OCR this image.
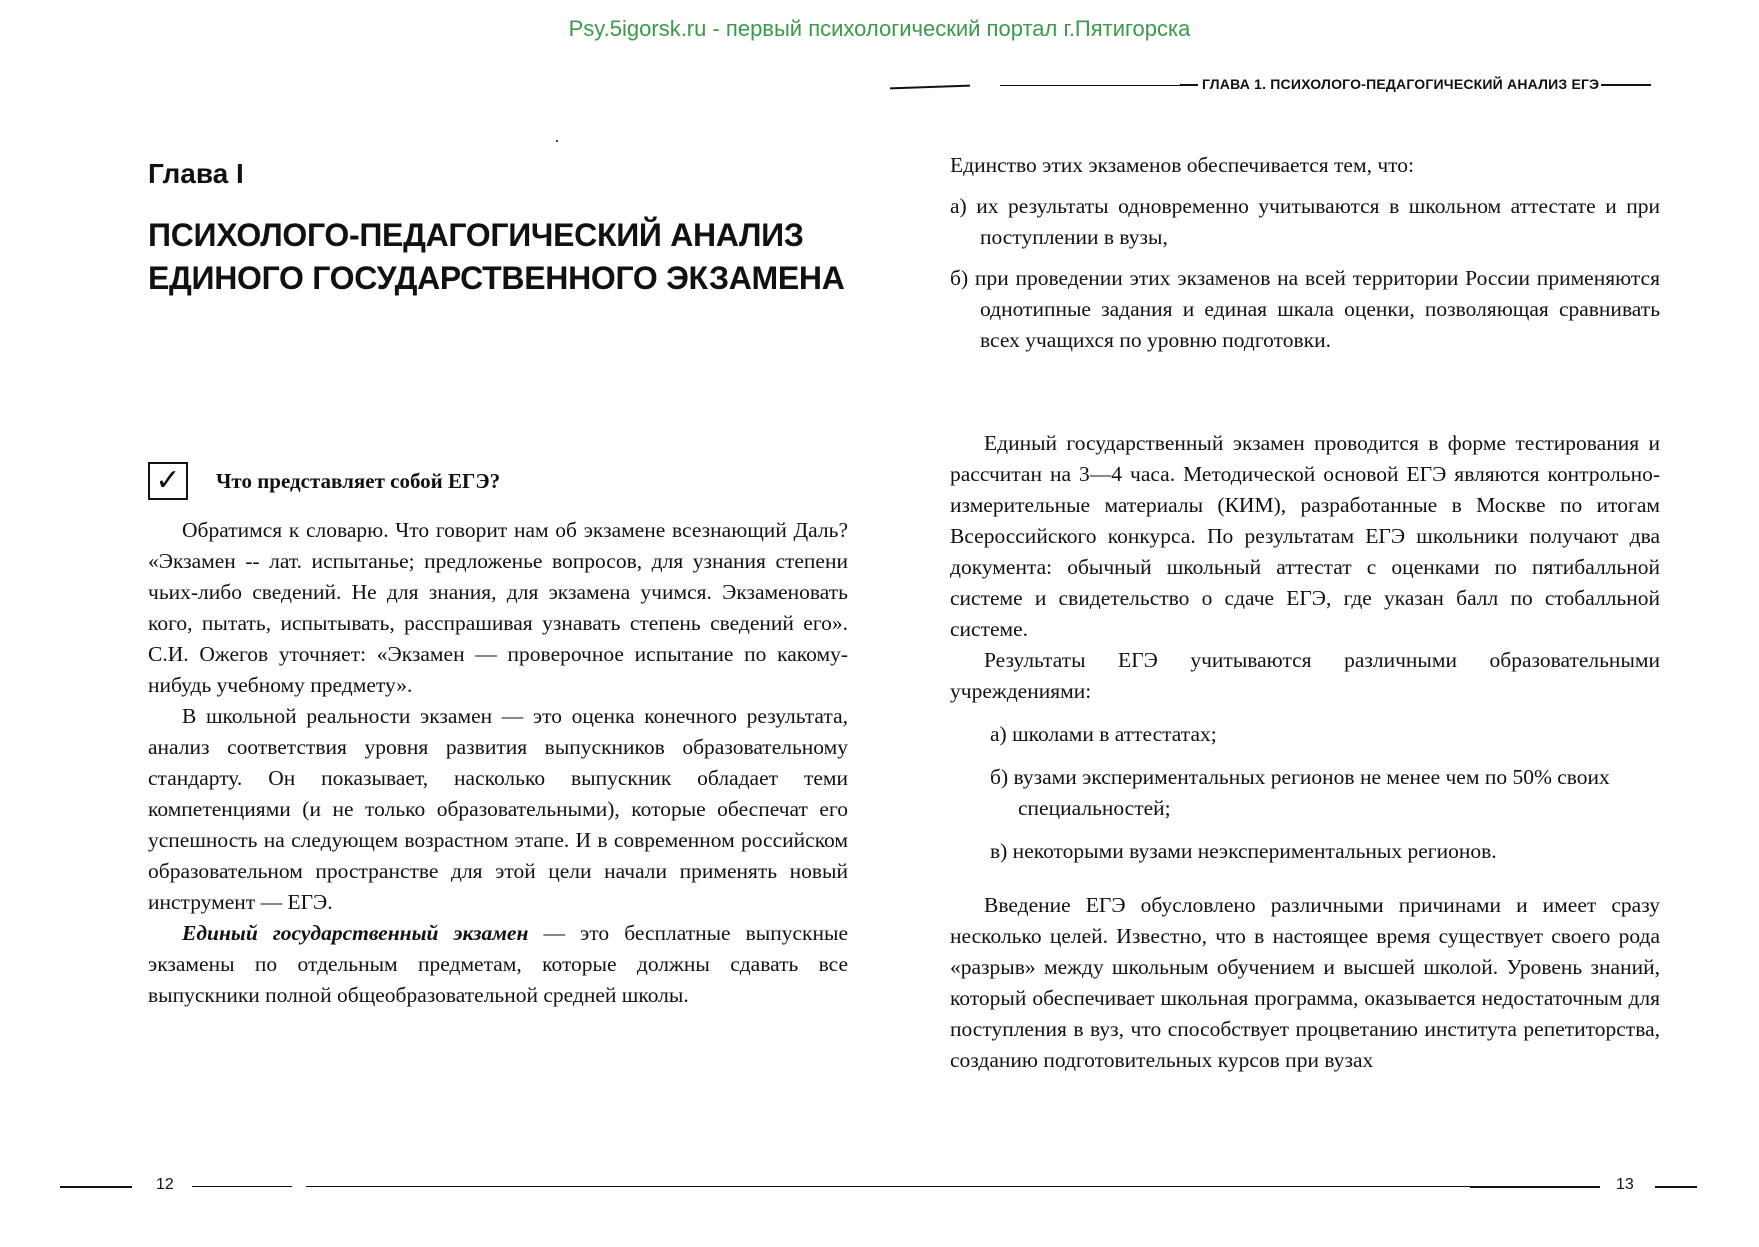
Psy.5igorsk.ru - первый психологический портал г.Пятигорска
ГЛАВА 1. ПСИХОЛОГО-ПЕДАГОГИЧЕСКИЙ АНАЛИЗ ЕГЭ
Глава I
ПСИХОЛОГО-ПЕДАГОГИЧЕСКИЙ АНАЛИЗ
ЕДИНОГО ГОСУДАРСТВЕННОГО ЭКЗАМЕНА
✓	Что представляет собой ЕГЭ?

Обратимся к словарю. Что говорит нам об экзамене всезнающий Даль? «Экзамен -- лат. испытанье; предложенье вопросов, для узнания степени чьих-либо сведений. Не для знания, для экзамена учимся. Экзаменовать кого, пытать, испытывать, расспрашивая узнавать степень сведений его». С.И. Ожегов уточняет: «Экзамен — проверочное испытание по какому-нибудь учебному предмету».

В школьной реальности экзамен — это оценка конечного результата, анализ соответствия уровня развития выпускников образовательному стандарту. Он показывает, насколько выпускник обладает теми компетенциями (и не только образовательными), которые обеспечат его успешность на следующем возрастном этапе. И в современном российском образовательном пространстве для этой цели начали применять новый инструмент — ЕГЭ.

Единый государственный экзамен — это бесплатные выпускные экзамены по отдельным предметам, которые должны сдавать все выпускники полной общеобразовательной средней школы.

Единство этих экзаменов обеспечивается тем, что:

а) их результаты одновременно учитываются в школьном аттестате и при поступлении в вузы,

б) при проведении этих экзаменов на всей территории России применяются однотипные задания и единая шкала оценки, позволяющая сравнивать всех учащихся по уровню подготовки.

Единый государственный экзамен проводится в форме тестирования и рассчитан на 3—4 часа. Методической основой ЕГЭ являются контрольно-измерительные материалы (КИМ), разработанные в Москве по итогам Всероссийского конкурса. По результатам ЕГЭ школьники получают два документа: обычный школьный аттестат с оценками по пятибалльной системе и свидетельство о сдаче ЕГЭ, где указан балл по стобалльной системе.

Результаты ЕГЭ учитываются различными образовательными учреждениями:

а) школами в аттестатах;

б) вузами экспериментальных регионов не менее чем по 50% своих специальностей;

в) некоторыми вузами неэкспериментальных регионов.

Введение ЕГЭ обусловлено различными причинами и имеет сразу несколько целей. Известно, что в настоящее время существует своего рода «разрыв» между школьным обучением и высшей школой. Уровень знаний, который обеспечивает школьная программа, оказывается недостаточным для поступления в вуз, что способствует процветанию института репетиторства, созданию подготовительных курсов при вузах

12	13
